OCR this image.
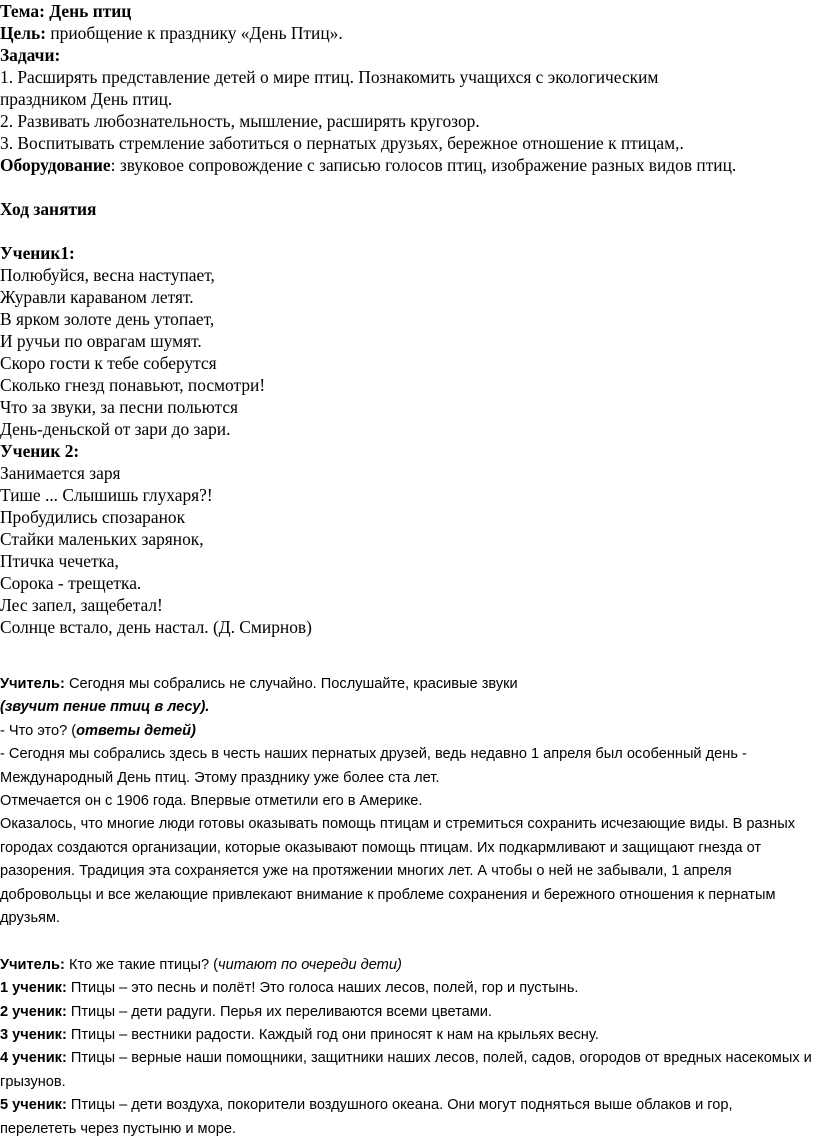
Тема: День птиц

Цель: приобщение к празднику «День Птиц».

Задачи:

1. Расширять представление детей о мире птиц. Познакомить учащихся с экологическим праздником День птиц.

2. Развивать любознательность, мышление, расширять кругозор.

3. Воспитывать стремление заботиться о пернатых друзьях, бережное отношение к птицам,.

Оборудование: звуковое сопровождение с записью голосов птиц, изображение разных видов птиц.

Ход занятия

Ученик1:

Полюбуйся, весна наступает,

Журавли караваном летят.

В ярком золоте день утопает,

И ручьи по оврагам шумят.

Скоро гости к тебе соберутся

Сколько гнезд понавьют, посмотри!

Что за звуки, за песни польются

День-деньской от зари до зари.

Ученик 2:

Занимается заря

Тише ... Слышишь глухаря?!

Пробудились спозаранок

Стайки маленьких зарянок,

Птичка чечетка,

Сорока - трещетка.

Лес запел, защебетал!

Солнце встало, день настал. (Д. Смирнов)

Учитель: Сегодня мы собрались не случайно. Послушайте, красивые звуки

(звучит пение птиц в лесу).

- Что это? (ответы детей)

- Сегодня мы собрались здесь в честь наших пернатых друзей, ведь недавно 1 апреля был особенный день - Международный День птиц. Этому празднику уже более ста лет.

Отмечается он с 1906 года. Впервые отметили его в Америке.

Оказалось, что многие люди готовы оказывать помощь птицам и стремиться сохранить исчезающие виды. В разных городах создаются организации, которые оказывают помощь птицам. Их подкармливают и защищают гнезда от разорения. Традиция эта сохраняется уже на протяжении многих лет. А чтобы о ней не забывали, 1 апреля добровольцы и все желающие привлекают внимание к проблеме сохранения и бережного отношения к пернатым друзьям.

Учитель: Кто же такие птицы? (читают по очереди дети)

1 ученик: Птицы – это песнь и полёт! Это голоса наших лесов, полей, гор и пустынь.

2 ученик: Птицы – дети радуги. Перья их переливаются всеми цветами.

3 ученик: Птицы – вестники радости. Каждый год они приносят к нам на крыльях весну.

4 ученик: Птицы – верные наши помощники, защитники наших лесов, полей, садов, огородов от вредных насекомых и грызунов.

5 ученик: Птицы – дети воздуха, покорители воздушного океана. Они могут подняться выше облаков и гор, перелететь через пустыню и море.
